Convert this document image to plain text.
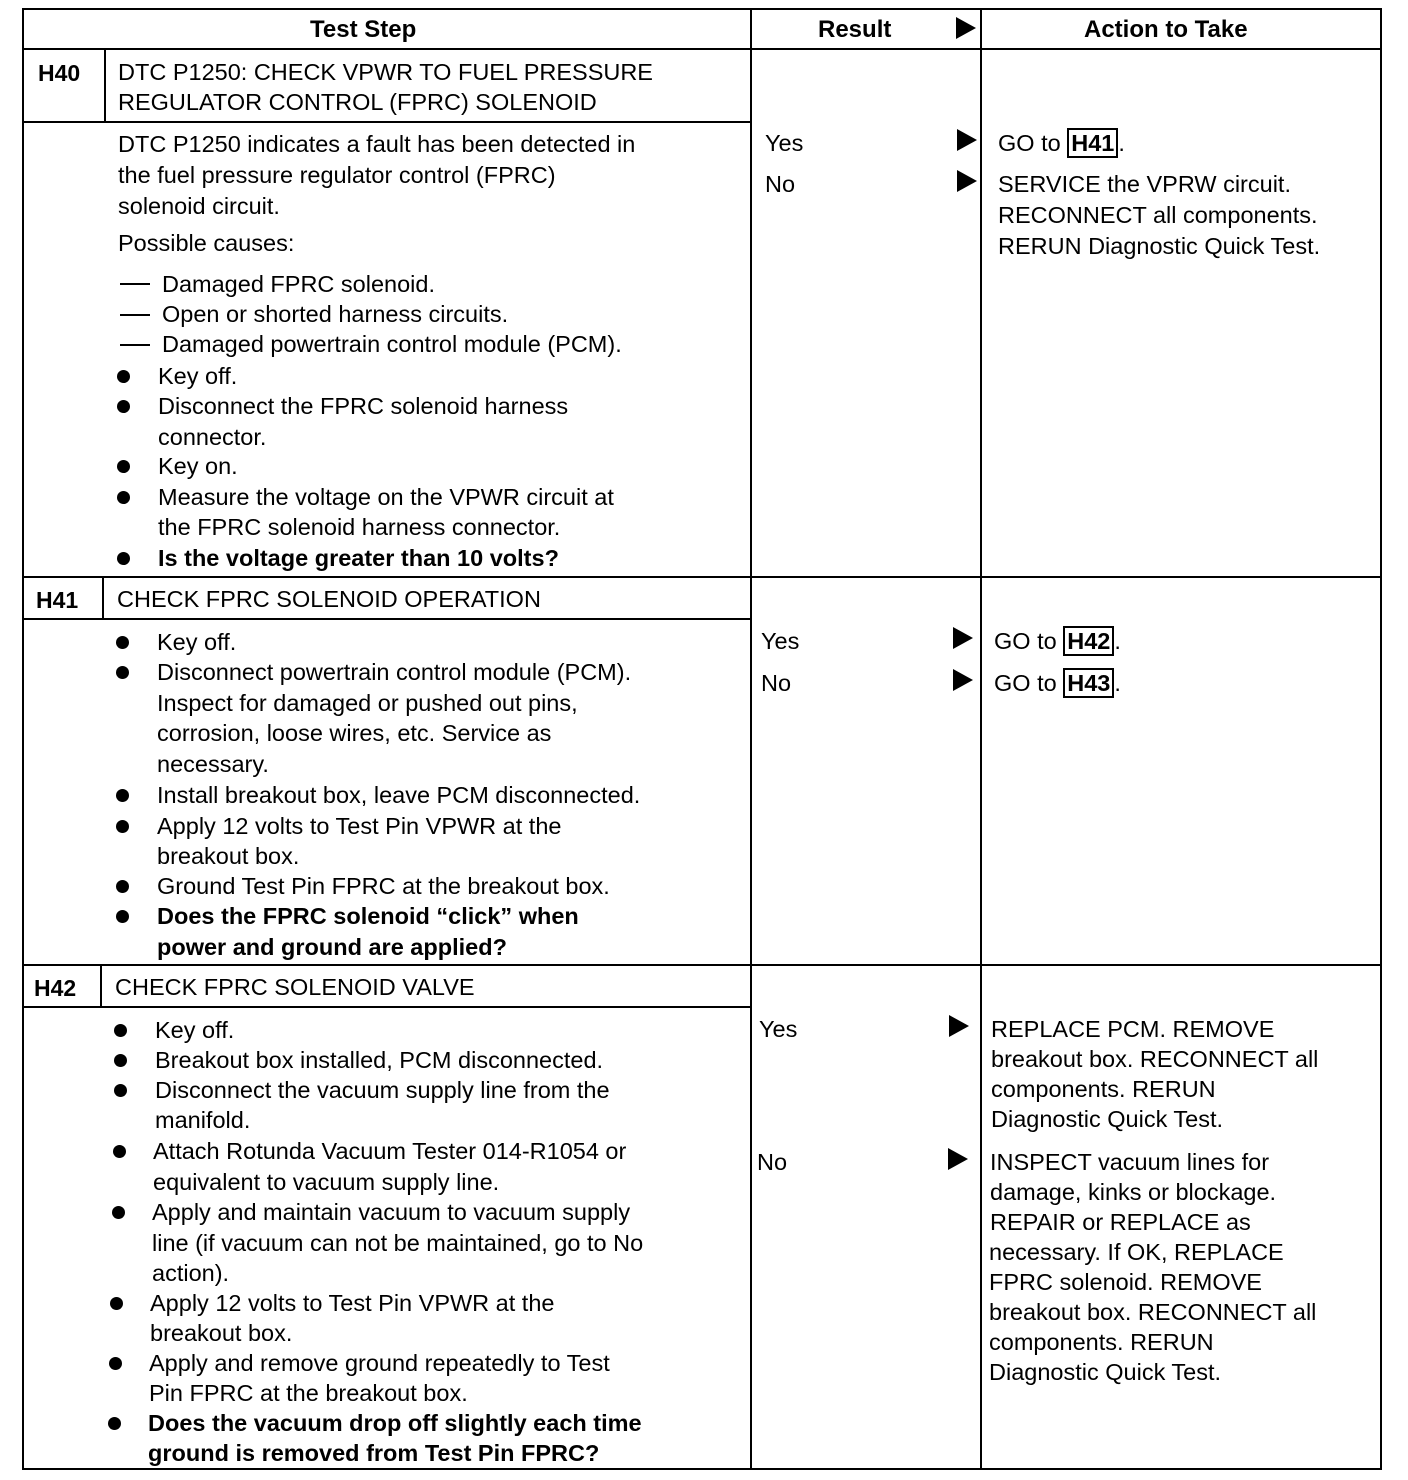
Test Step	Result	Action to Take
H40 DTC P1250: CHECK VPWR TO FUEL PRESSURE
REGULATOR CONTROL (FPRC) SOLENOID
DTC P1250 indicates a fault has been detected in
the fuel pressure regulator control (FPRC)
solenoid circuit.
Possible causes:
Damaged FPRC solenoid.
Open or shorted harness circuits.
Damaged powertrain control module (PCM).
Key off.
Disconnect the FPRC solenoid harness
connector.
Key on.
Measure the voltage on the VPWR circuit at
the FPRC solenoid harness connector.
Is the voltage greater than 10 volts?
Yes
No
GO to H41 .
SERVICE the VPRW circuit.
RECONNECT all components.
RERUN Diagnostic Quick Test.
H41 CHECK FPRC SOLENOID OPERATION
Key off.
Disconnect powertrain control module (PCM).
Inspect for damaged or pushed out pins,
corrosion, loose wires, etc. Service as
necessary.
Install breakout box, leave PCM disconnected.
Apply 12 volts to Test Pin VPWR at the
breakout box.
Ground Test Pin FPRC at the breakout box.
Does the FPRC solenoid “click” when
power and ground are applied?
Yes
No
GO to H42 .
GO to H43 .
H42 CHECK FPRC SOLENOID VALVE
Key off.
Breakout box installed, PCM disconnected.
Disconnect the vacuum supply line from the
manifold.
Attach Rotunda Vacuum Tester 014-R1054 or
equivalent to vacuum supply line.
Apply and maintain vacuum to vacuum supply
line (if vacuum can not be maintained, go to No
action).
Apply 12 volts to Test Pin VPWR at the
breakout box.
Apply and remove ground repeatedly to Test
Pin FPRC at the breakout box.
Does the vacuum drop off slightly each time
ground is removed from Test Pin FPRC?
Yes
No
REPLACE PCM. REMOVE
breakout box. RECONNECT all
components. RERUN
Diagnostic Quick Test.
INSPECT vacuum lines for
damage, kinks or blockage.
REPAIR or REPLACE as
necessary. If OK, REPLACE
FPRC solenoid. REMOVE
breakout box. RECONNECT all
components. RERUN
Diagnostic Quick Test.
